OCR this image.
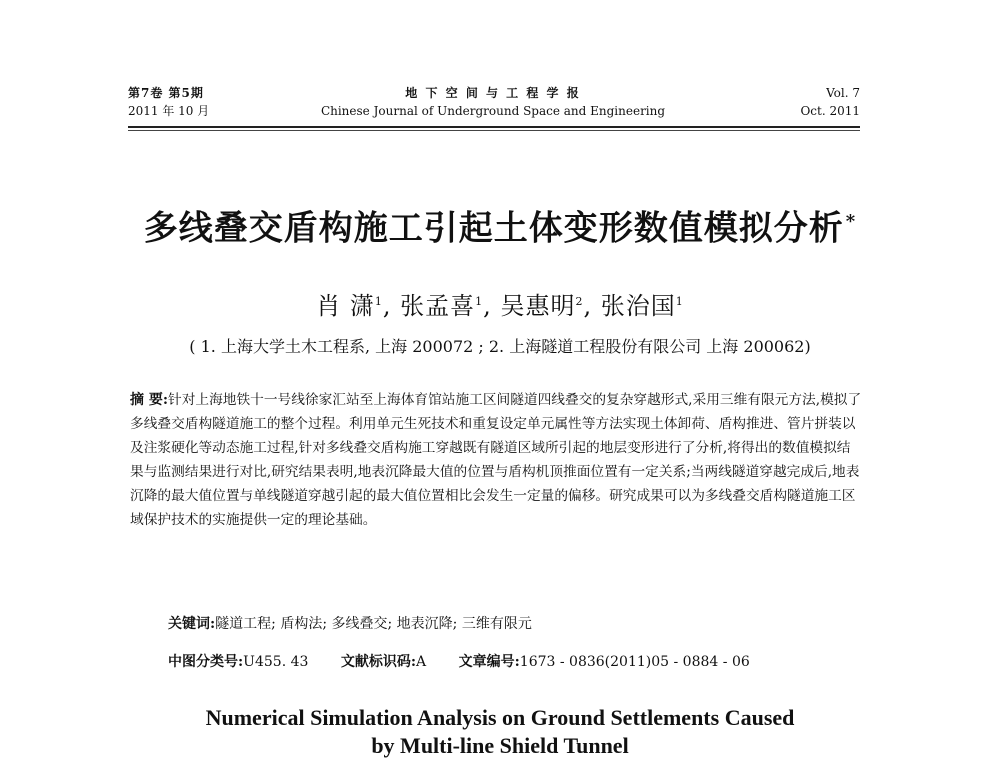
第7卷 第5期
2011 年 10 月
地 下 空 间 与 工 程 学 报
Chinese Journal of Underground Space and Engineering
Vol. 7
Oct. 2011
多线叠交盾构施工引起土体变形数值模拟分析 *
肖 潇$^1$, 张孟喜$^1$, 吴惠明$^2$, 张治国$^1$
( 1. 上海大学土木工程系, 上海 200072 ; 2. 上海隧道工程股份有限公司 上海 200062)
摘 要:针对上海地铁十一号线徐家汇站至上海体育馆站施工区间隧道四线叠交的复杂穿越形式,采用三维有限元方法,模拟了多线叠交盾构隧道施工的整个过程。利用单元生死技术和重复设定单元属性等方法实现土体卸荷、盾构推进、管片拼装以及注浆硬化等动态施工过程,针对多线叠交盾构施工穿越既有隧道区域所引起的地层变形进行了分析,将得出的数值模拟结果与监测结果进行对比,研究结果表明,地表沉降最大值的位置与盾构机顶推面位置有一定关系;当两线隧道穿越完成后,地表沉降的最大值位置与单线隧道穿越引起的最大值位置相比会发生一定量的偏移。研究成果可以为多线叠交盾构隧道施工区域保护技术的实施提供一定的理论基础。
关键词:隧道工程; 盾构法; 多线叠交; 地表沉降; 三维有限元
中图分类号:U455. 43 文献标识码:A 文章编号:1673 - 0836(2011)05 - 0884 - 06
Numerical Simulation Analysis on Ground Settlements Caused
by Multi-line Shield Tunnel
